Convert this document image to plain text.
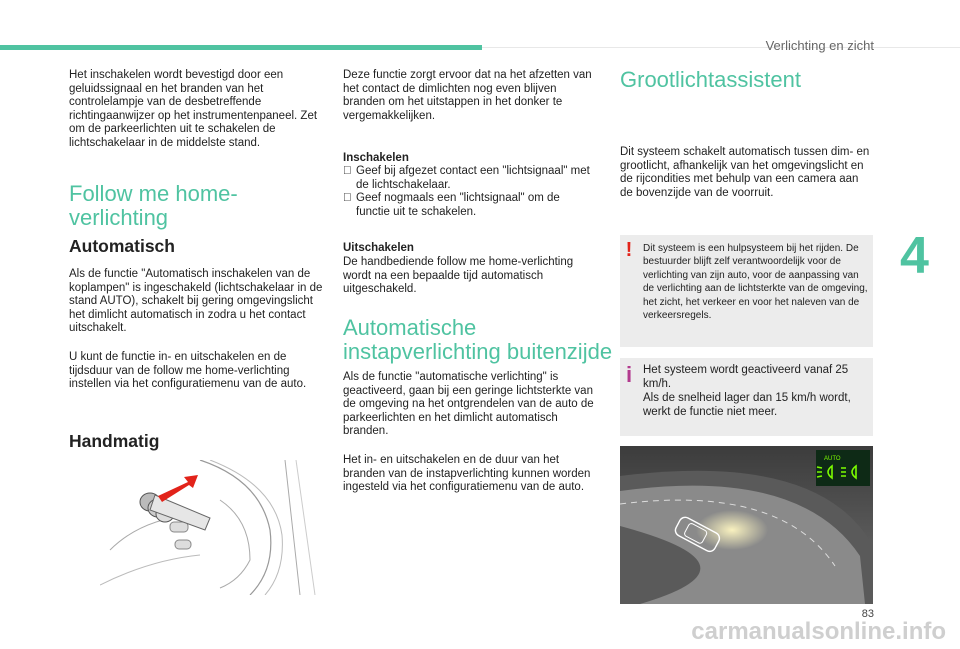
Verlichting en zicht

Het inschakelen wordt bevestigd door een geluidssignaal en het branden van het controlelampje van de desbetreffende richtingaanwijzer op het instrumentenpaneel. Zet om de parkeerlichten uit te schakelen de lichtschakelaar in de middelste stand.

Follow me home-
verlichting
Automatisch

Als de functie "Automatisch inschakelen van de koplampen" is ingeschakeld (lichtschakelaar in de stand AUTO), schakelt bij gering omgevingslicht het dimlicht automatisch in zodra u het contact uitschakelt.

U kunt de functie in- en uitschakelen en de tijdsduur van de follow me home-verlichting instellen via het configuratiemenu van de auto.

Handmatig

Deze functie zorgt ervoor dat na het afzetten van het contact de dimlichten nog even blijven branden om het uitstappen in het donker te vergemakkelijken.

Inschakelen
Geef bij afgezet contact een "lichtsignaal" met de lichtschakelaar.
Geef nogmaals een "lichtsignaal" om de functie uit te schakelen.
Uitschakelen

De handbediende follow me home-verlichting wordt na een bepaalde tijd automatisch uitgeschakeld.

Automatische
instapverlichting buitenzijde

Als de functie "automatische verlichting" is geactiveerd, gaan bij een geringe lichtsterkte van de omgeving na het ontgrendelen van de auto de parkeerlichten en het dimlicht automatisch branden.

Het in- en uitschakelen en de duur van het branden van de instapverlichting kunnen worden ingesteld via het configuratiemenu van de auto.

Grootlichtassistent

Dit systeem schakelt automatisch tussen dim- en grootlicht, afhankelijk van het omgevingslicht en de rijcondities met behulp van een camera aan de bovenzijde van de voorruit.

! Dit systeem is een hulpsysteem bij het rijden. De bestuurder blijft zelf verantwoordelijk voor de verlichting van zijn auto, voor de aanpassing van de verlichting aan de lichtsterkte van de omgeving, het zicht, het verkeer en voor het naleven van de verkeersregels.

i Het systeem wordt geactiveerd vanaf 25 km/h.

Als de snelheid lager dan 15 km/h wordt, werkt de functie niet meer.

AUTO
4
83
carmanualsonline.info
